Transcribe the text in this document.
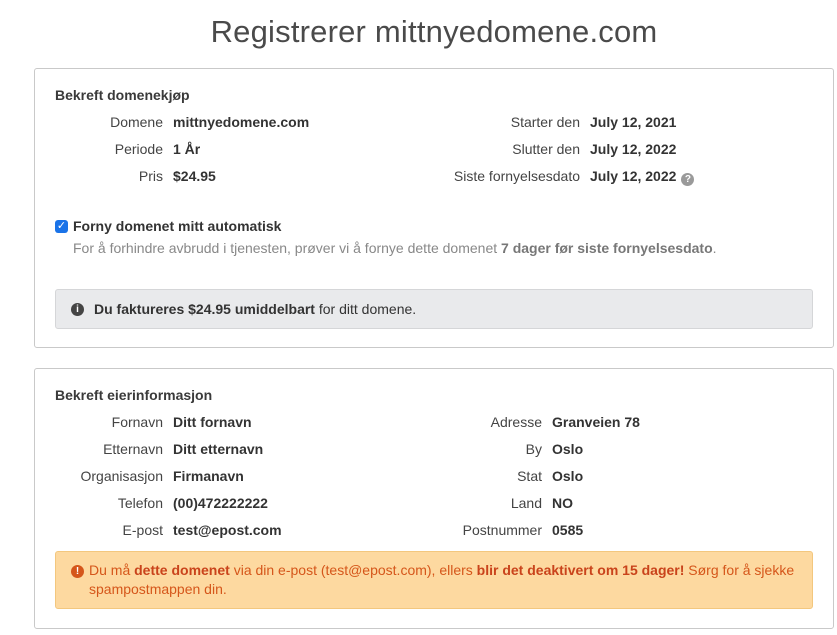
Registrerer mittnyedomene.com
Bekreft domenekjøp
Domene mittnyedomene.com
Periode 1 År
Pris $24.95
Starter den July 12, 2021
Slutter den July 12, 2022
Siste fornyelsesdato July 12, 2022 ?
✓ Forny domenet mitt automatisk
For å forhindre avbrudd i tjenesten, prøver vi å fornye dette domenet 7 dager før siste fornyelsesdato.
i	Du faktureres $24.95 umiddelbart for ditt domene.
Bekreft eierinformasjon
Fornavn Ditt fornavn
Etternavn Ditt etternavn
Organisasjon Firmanavn
Telefon (00)472222222
E-post test@epost.com
Adresse Granveien 78
By Oslo
Stat Oslo
Land NO
Postnummer 0585
! Du må dette domenet via din e-post (test@epost.com), ellers blir det deaktivert om 15 dager! Sørg for å sjekke spampostmappen din.
